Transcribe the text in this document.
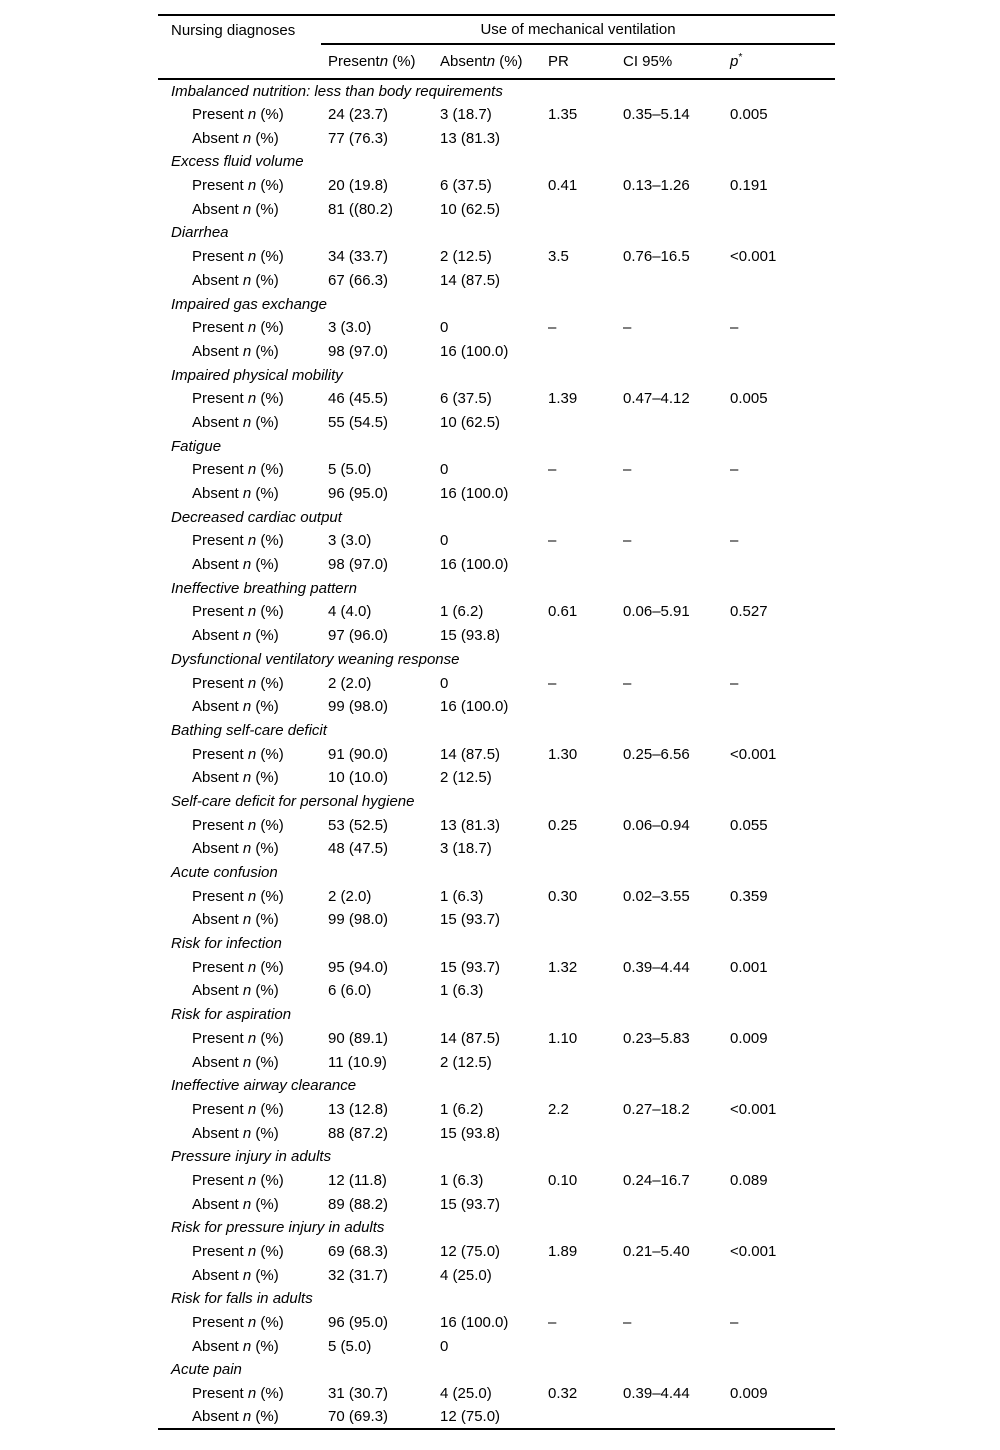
Nursing diagnoses	Use of mechanical ventilation				
	Presentn (%)	Absentn (%)	PR	CI 95%	p*
Imbalanced nutrition: less than body requirements					
Present n (%)	24 (23.7)	3 (18.7)	1.35	0.35–5.14	0.005
Absent n (%)	77 (76.3)	13 (81.3)			
Excess fluid volume					
Present n (%)	20 (19.8)	6 (37.5)	0.41	0.13–1.26	0.191
Absent n (%)	81 ((80.2)	10 (62.5)			
Diarrhea					
Present n (%)	34 (33.7)	2 (12.5)	3.5	0.76–16.5	<0.001
Absent n (%)	67 (66.3)	14 (87.5)			
Impaired gas exchange					
Present n (%)	3 (3.0)	0	–	–	–
Absent n (%)	98 (97.0)	16 (100.0)			
Impaired physical mobility					
Present n (%)	46 (45.5)	6 (37.5)	1.39	0.47–4.12	0.005
Absent n (%)	55 (54.5)	10 (62.5)			
Fatigue					
Present n (%)	5 (5.0)	0	–	–	–
Absent n (%)	96 (95.0)	16 (100.0)			
Decreased cardiac output					
Present n (%)	3 (3.0)	0	–	–	–
Absent n (%)	98 (97.0)	16 (100.0)			
Ineffective breathing pattern					
Present n (%)	4 (4.0)	1 (6.2)	0.61	0.06–5.91	0.527
Absent n (%)	97 (96.0)	15 (93.8)			
Dysfunctional ventilatory weaning response					
Present n (%)	2 (2.0)	0	–	–	–
Absent n (%)	99 (98.0)	16 (100.0)			
Bathing self-care deficit					
Present n (%)	91 (90.0)	14 (87.5)	1.30	0.25–6.56	<0.001
Absent n (%)	10 (10.0)	2 (12.5)			
Self-care deficit for personal hygiene					
Present n (%)	53 (52.5)	13 (81.3)	0.25	0.06–0.94	0.055
Absent n (%)	48 (47.5)	3 (18.7)			
Acute confusion					
Present n (%)	2 (2.0)	1 (6.3)	0.30	0.02–3.55	0.359
Absent n (%)	99 (98.0)	15 (93.7)			
Risk for infection					
Present n (%)	95 (94.0)	15 (93.7)	1.32	0.39–4.44	0.001
Absent n (%)	6 (6.0)	1 (6.3)			
Risk for aspiration					
Present n (%)	90 (89.1)	14 (87.5)	1.10	0.23–5.83	0.009
Absent n (%)	11 (10.9)	2 (12.5)			
Ineffective airway clearance					
Present n (%)	13 (12.8)	1 (6.2)	2.2	0.27–18.2	<0.001
Absent n (%)	88 (87.2)	15 (93.8)			
Pressure injury in adults					
Present n (%)	12 (11.8)	1 (6.3)	0.10	0.24–16.7	0.089
Absent n (%)	89 (88.2)	15 (93.7)			
Risk for pressure injury in adults					
Present n (%)	69 (68.3)	12 (75.0)	1.89	0.21–5.40	<0.001
Absent n (%)	32 (31.7)	4 (25.0)			
Risk for falls in adults					
Present n (%)	96 (95.0)	16 (100.0)	–	–	–
Absent n (%)	5 (5.0)	0			
Acute pain					
Present n (%)	31 (30.7)	4 (25.0)	0.32	0.39–4.44	0.009
Absent n (%)	70 (69.3)	12 (75.0)			
